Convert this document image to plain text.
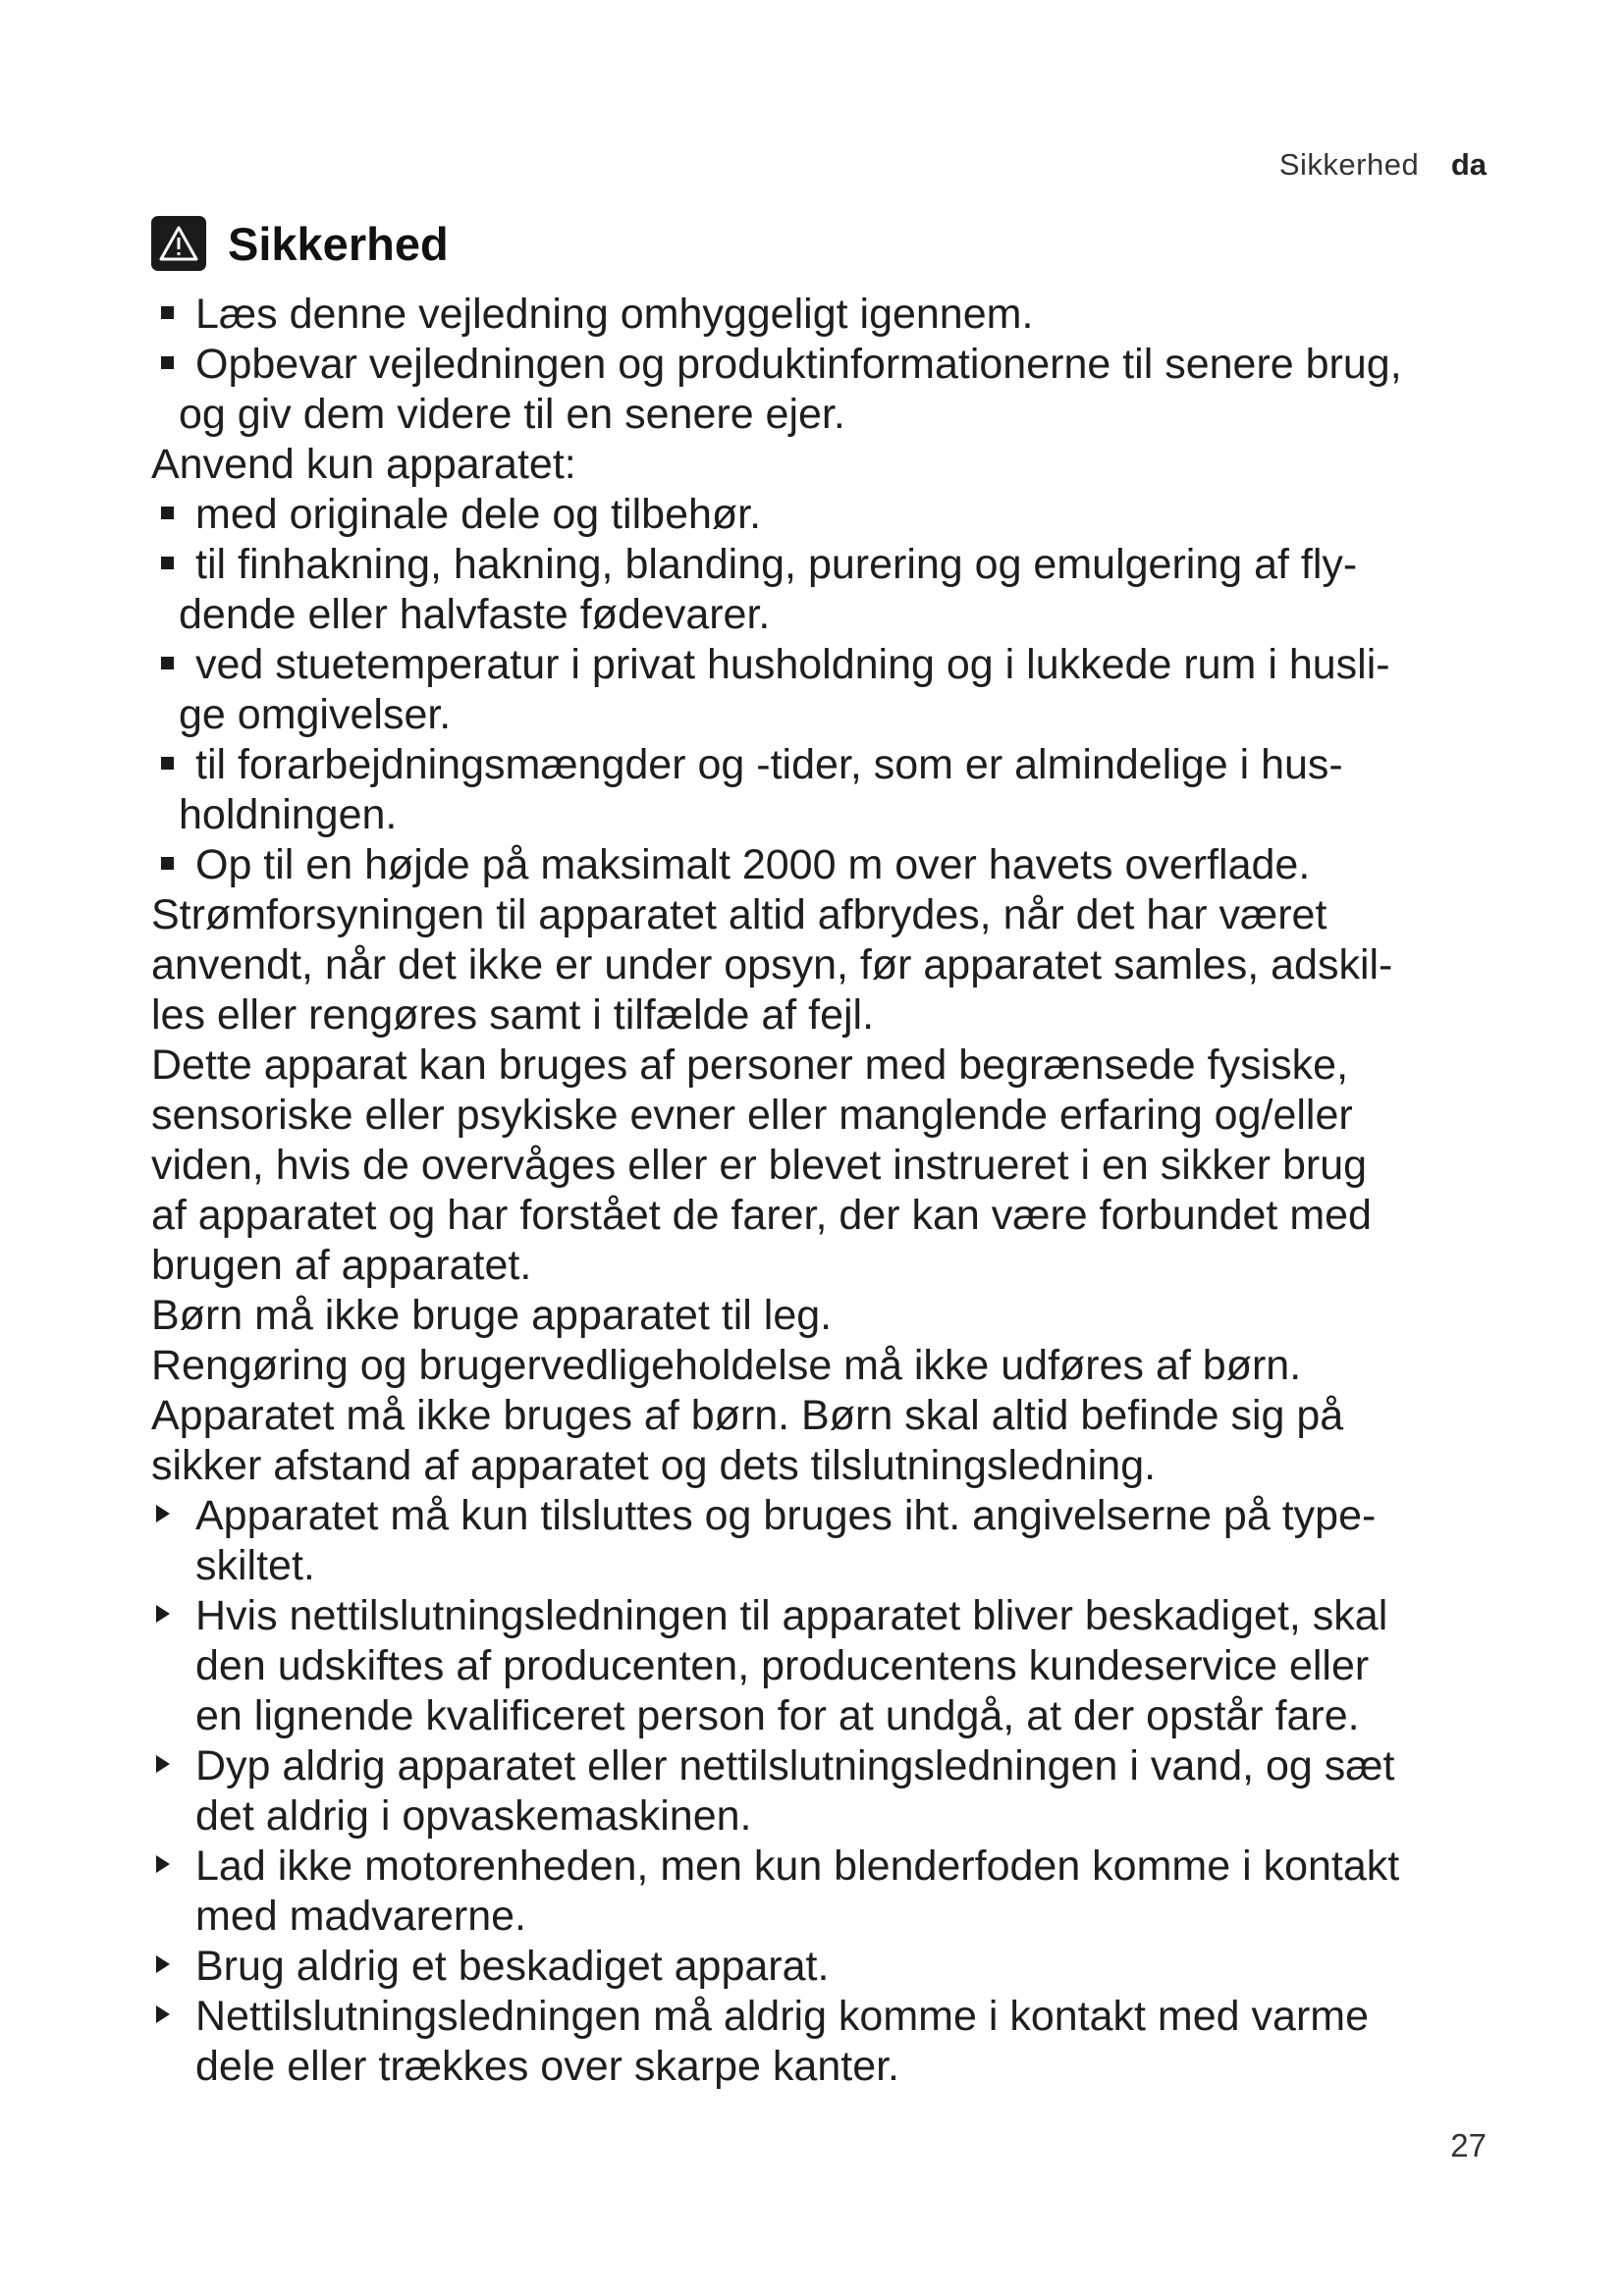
Sikkerhed da
Sikkerhed
Læs denne vejledning omhyggeligt igennem.
Opbevar vejledningen og produktinformationerne til senere brug,
og giv dem videre til en senere ejer.
Anvend kun apparatet:
med originale dele og tilbehør.
til finhakning, hakning, blanding, purering og emulgering af fly-
dende eller halvfaste fødevarer.
ved stuetemperatur i privat husholdning og i lukkede rum i husli-
ge omgivelser.
til forarbejdningsmængder og -tider, som er almindelige i hus-
holdningen.
Op til en højde på maksimalt 2000 m over havets overflade.
Strømforsyningen til apparatet altid afbrydes, når det har været
anvendt, når det ikke er under opsyn, før apparatet samles, adskil-
les eller rengøres samt i tilfælde af fejl.
Dette apparat kan bruges af personer med begrænsede fysiske,
sensoriske eller psykiske evner eller manglende erfaring og/eller
viden, hvis de overvåges eller er blevet instrueret i en sikker brug
af apparatet og har forstået de farer, der kan være forbundet med
brugen af apparatet.
Børn må ikke bruge apparatet til leg.
Rengøring og brugervedligeholdelse må ikke udføres af børn.
Apparatet må ikke bruges af børn. Børn skal altid befinde sig på
sikker afstand af apparatet og dets tilslutningsledning.
Apparatet må kun tilsluttes og bruges iht. angivelserne på type-
skiltet.
Hvis nettilslutningsledningen til apparatet bliver beskadiget, skal
den udskiftes af producenten, producentens kundeservice eller
en lignende kvalificeret person for at undgå, at der opstår fare.
Dyp aldrig apparatet eller nettilslutningsledningen i vand, og sæt
det aldrig i opvaskemaskinen.
Lad ikke motorenheden, men kun blenderfoden komme i kontakt
med madvarerne.
Brug aldrig et beskadiget apparat.
Nettilslutningsledningen må aldrig komme i kontakt med varme
dele eller trækkes over skarpe kanter.
27
